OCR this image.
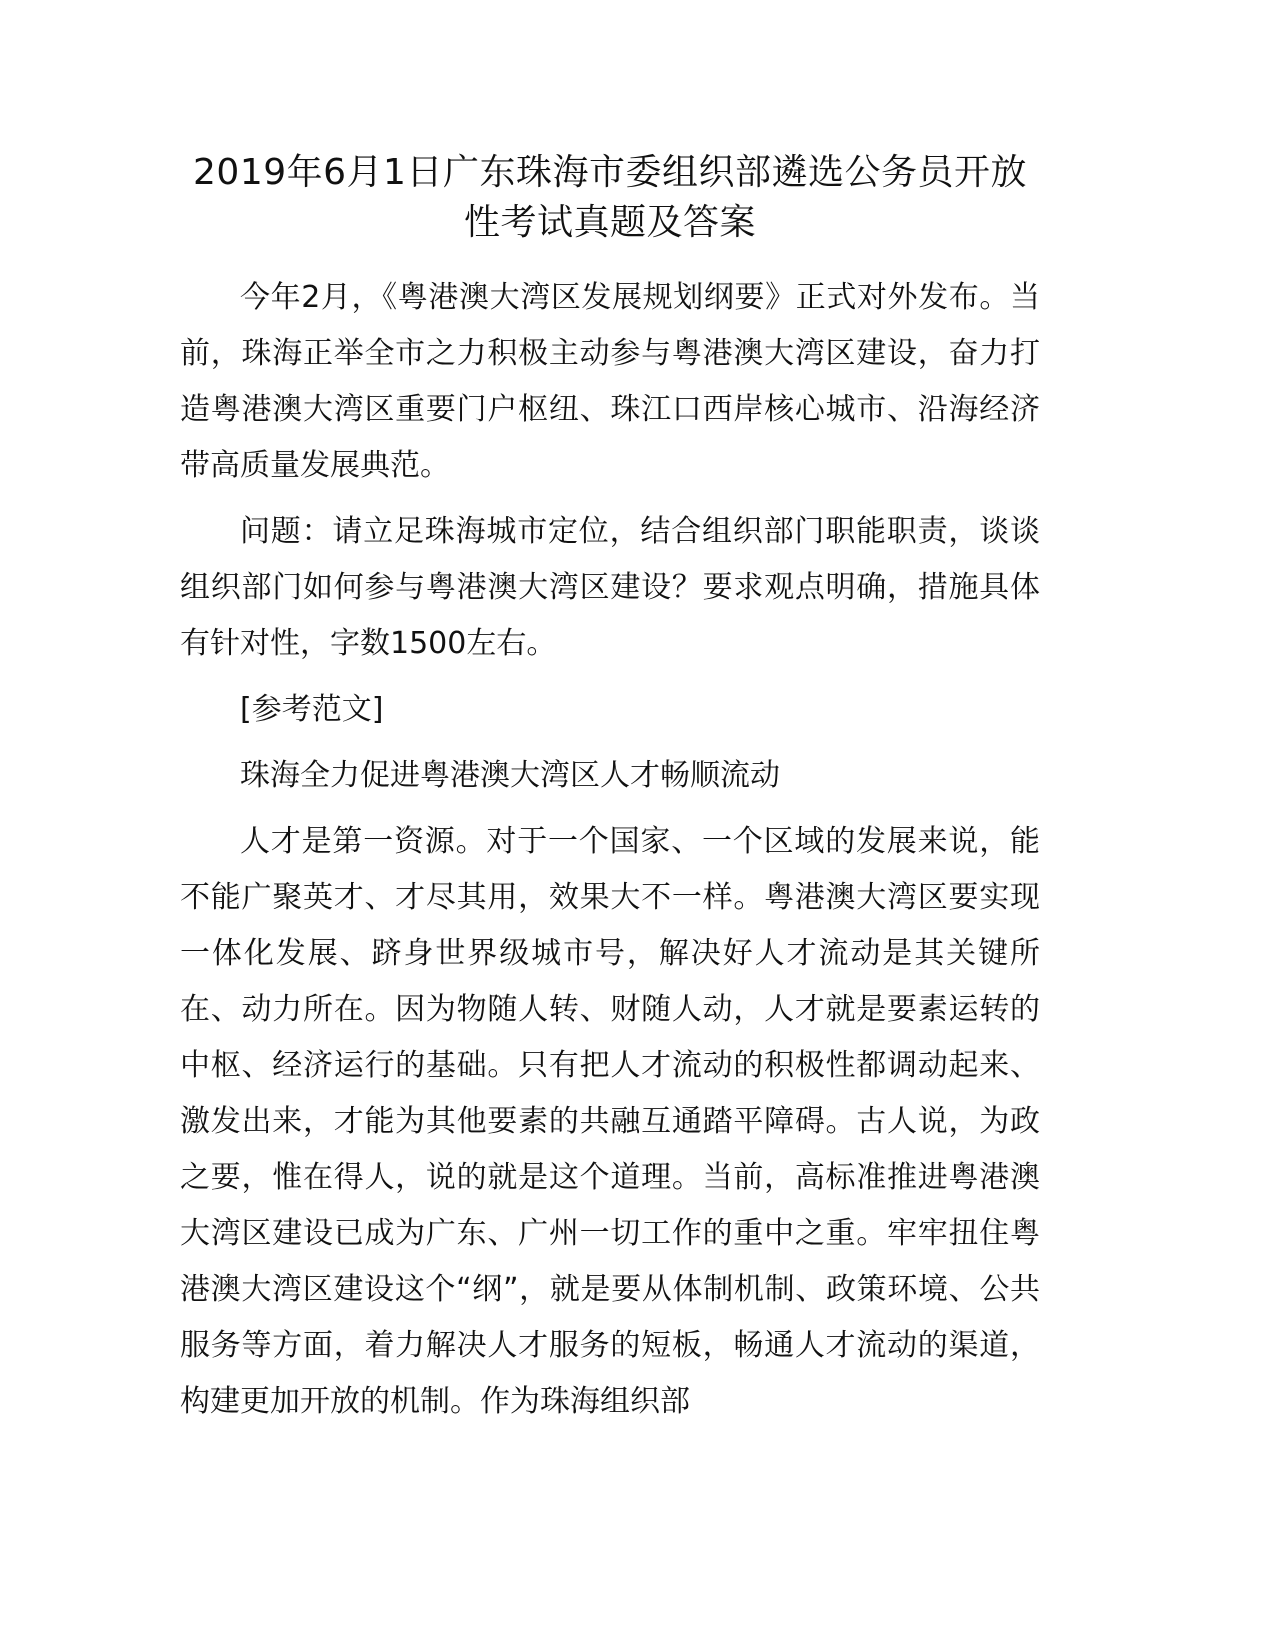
2019年6月1日广东珠海市委组织部遴选公务员开放性考试真题及答案

今年2月，《粤港澳大湾区发展规划纲要》正式对外发布。当前，珠海正举全市之力积极主动参与粤港澳大湾区建设，奋力打造粤港澳大湾区重要门户枢纽、珠江口西岸核心城市、沿海经济带高质量发展典范。

问题：请立足珠海城市定位，结合组织部门职能职责，谈谈组织部门如何参与粤港澳大湾区建设？要求观点明确，措施具体有针对性，字数1500左右。

[参考范文]

珠海全力促进粤港澳大湾区人才畅顺流动

人才是第一资源。对于一个国家、一个区域的发展来说，能不能广聚英才、才尽其用，效果大不一样。粤港澳大湾区要实现一体化发展、跻身世界级城市号，解决好人才流动是其关键所在、动力所在。因为物随人转、财随人动，人才就是要素运转的中枢、经济运行的基础。只有把人才流动的积极性都调动起来、激发出来，才能为其他要素的共融互通踏平障碍。古人说，为政之要，惟在得人，说的就是这个道理。当前，高标准推进粤港澳大湾区建设已成为广东、广州一切工作的重中之重。牢牢扭住粤港澳大湾区建设这个“纲”，就是要从体制机制、政策环境、公共服务等方面，着力解决人才服务的短板，畅通人才流动的渠道，构建更加开放的机制。作为珠海组织部
